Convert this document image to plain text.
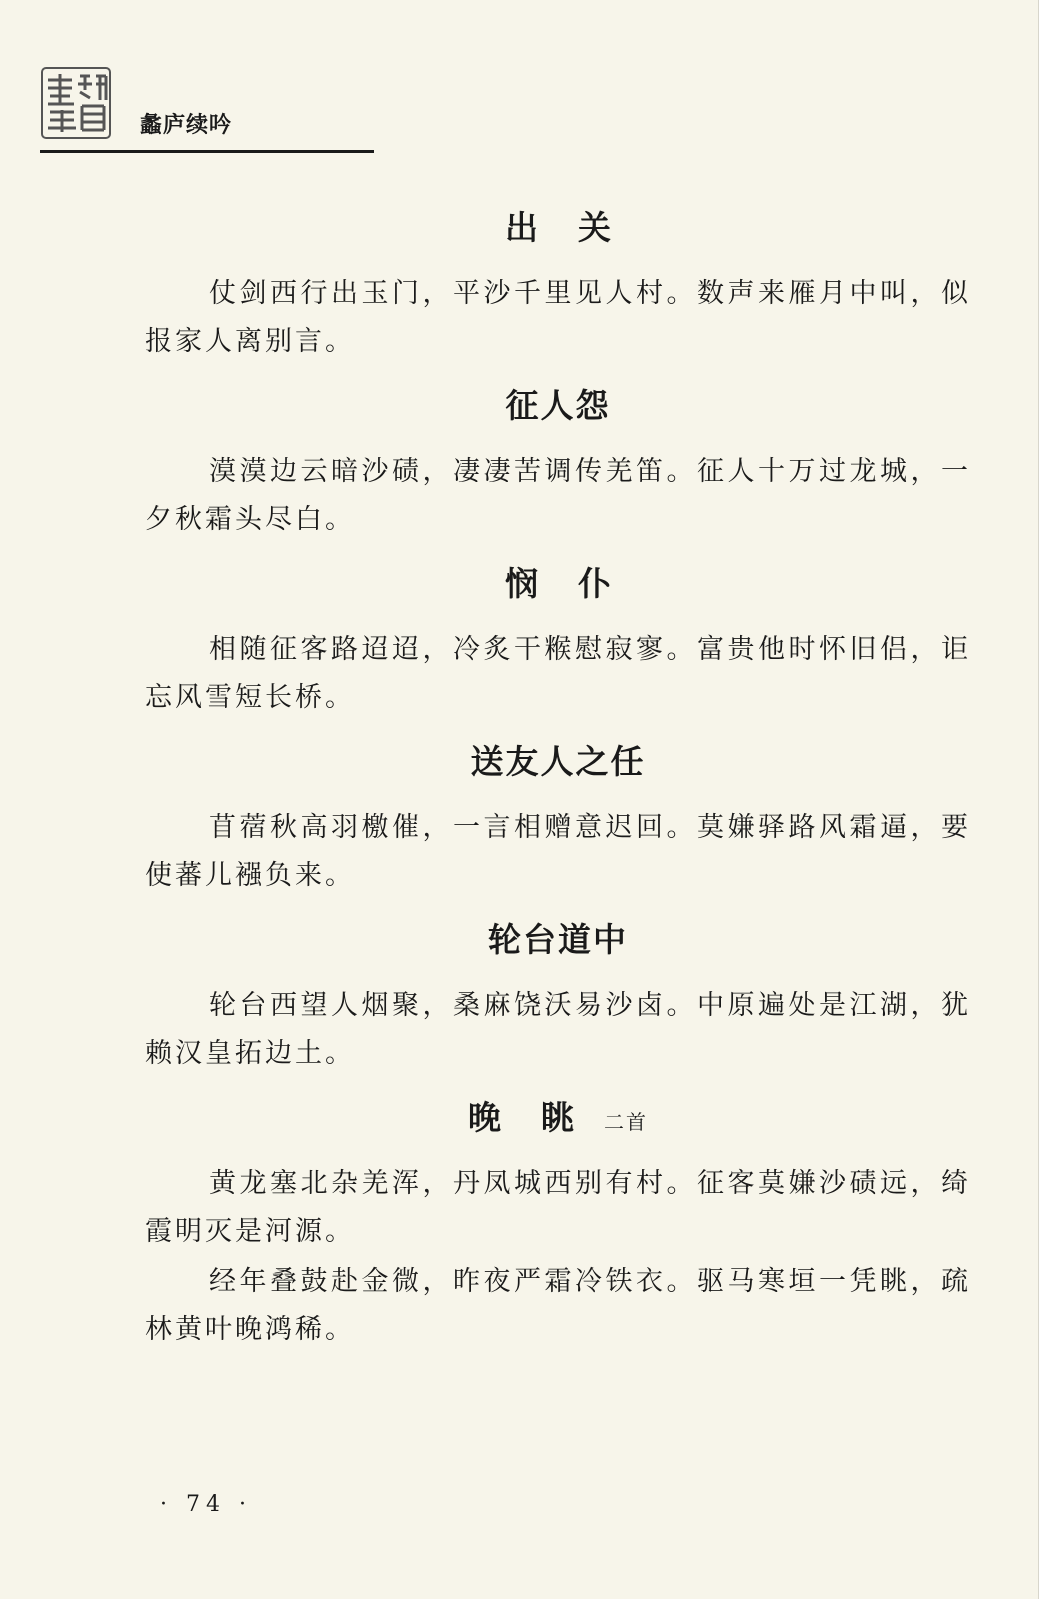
蠡庐续吟
出关

仗剑西行出玉门，平沙千里见人村。数声来雁月中叫，似报家人离别言。

征人怨

漠漠边云暗沙碛，凄凄苦调传羌笛。征人十万过龙城，一夕秋霜头尽白。

悯仆

相随征客路迢迢，冷炙干糇慰寂寥。富贵他时怀旧侣，讵忘风雪短长桥。

送友人之任

苜蓿秋高羽檄催，一言相赠意迟回。莫嫌驿路风霜逼，要使蕃儿襁负来。

轮台道中

轮台西望人烟聚，桑麻饶沃易沙卤。中原遍处是江湖，犹赖汉皇拓边土。

晚眺二首

黄龙塞北杂羌浑，丹凤城西别有村。征客莫嫌沙碛远，绮霞明灭是河源。

经年叠鼓赴金微，昨夜严霜冷铁衣。驱马寒垣一凭眺，疏林黄叶晚鸿稀。

· 74 ·
